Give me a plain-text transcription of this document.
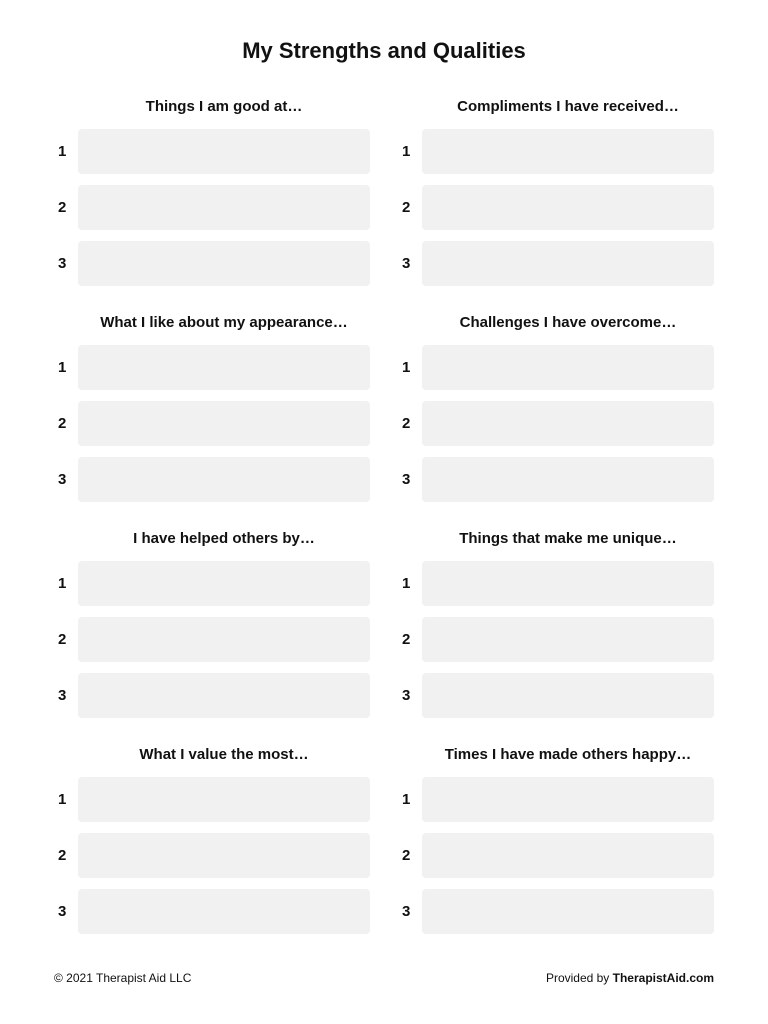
My Strengths and Qualities
Things I am good at…
1
2
3
Compliments I have received…
1
2
3
What I like about my appearance…
1
2
3
Challenges I have overcome…
1
2
3
I have helped others by…
1
2
3
Things that make me unique…
1
2
3
What I value the most…
1
2
3
Times I have made others happy…
1
2
3
© 2021 Therapist Aid LLC	Provided by TherapistAid.com
